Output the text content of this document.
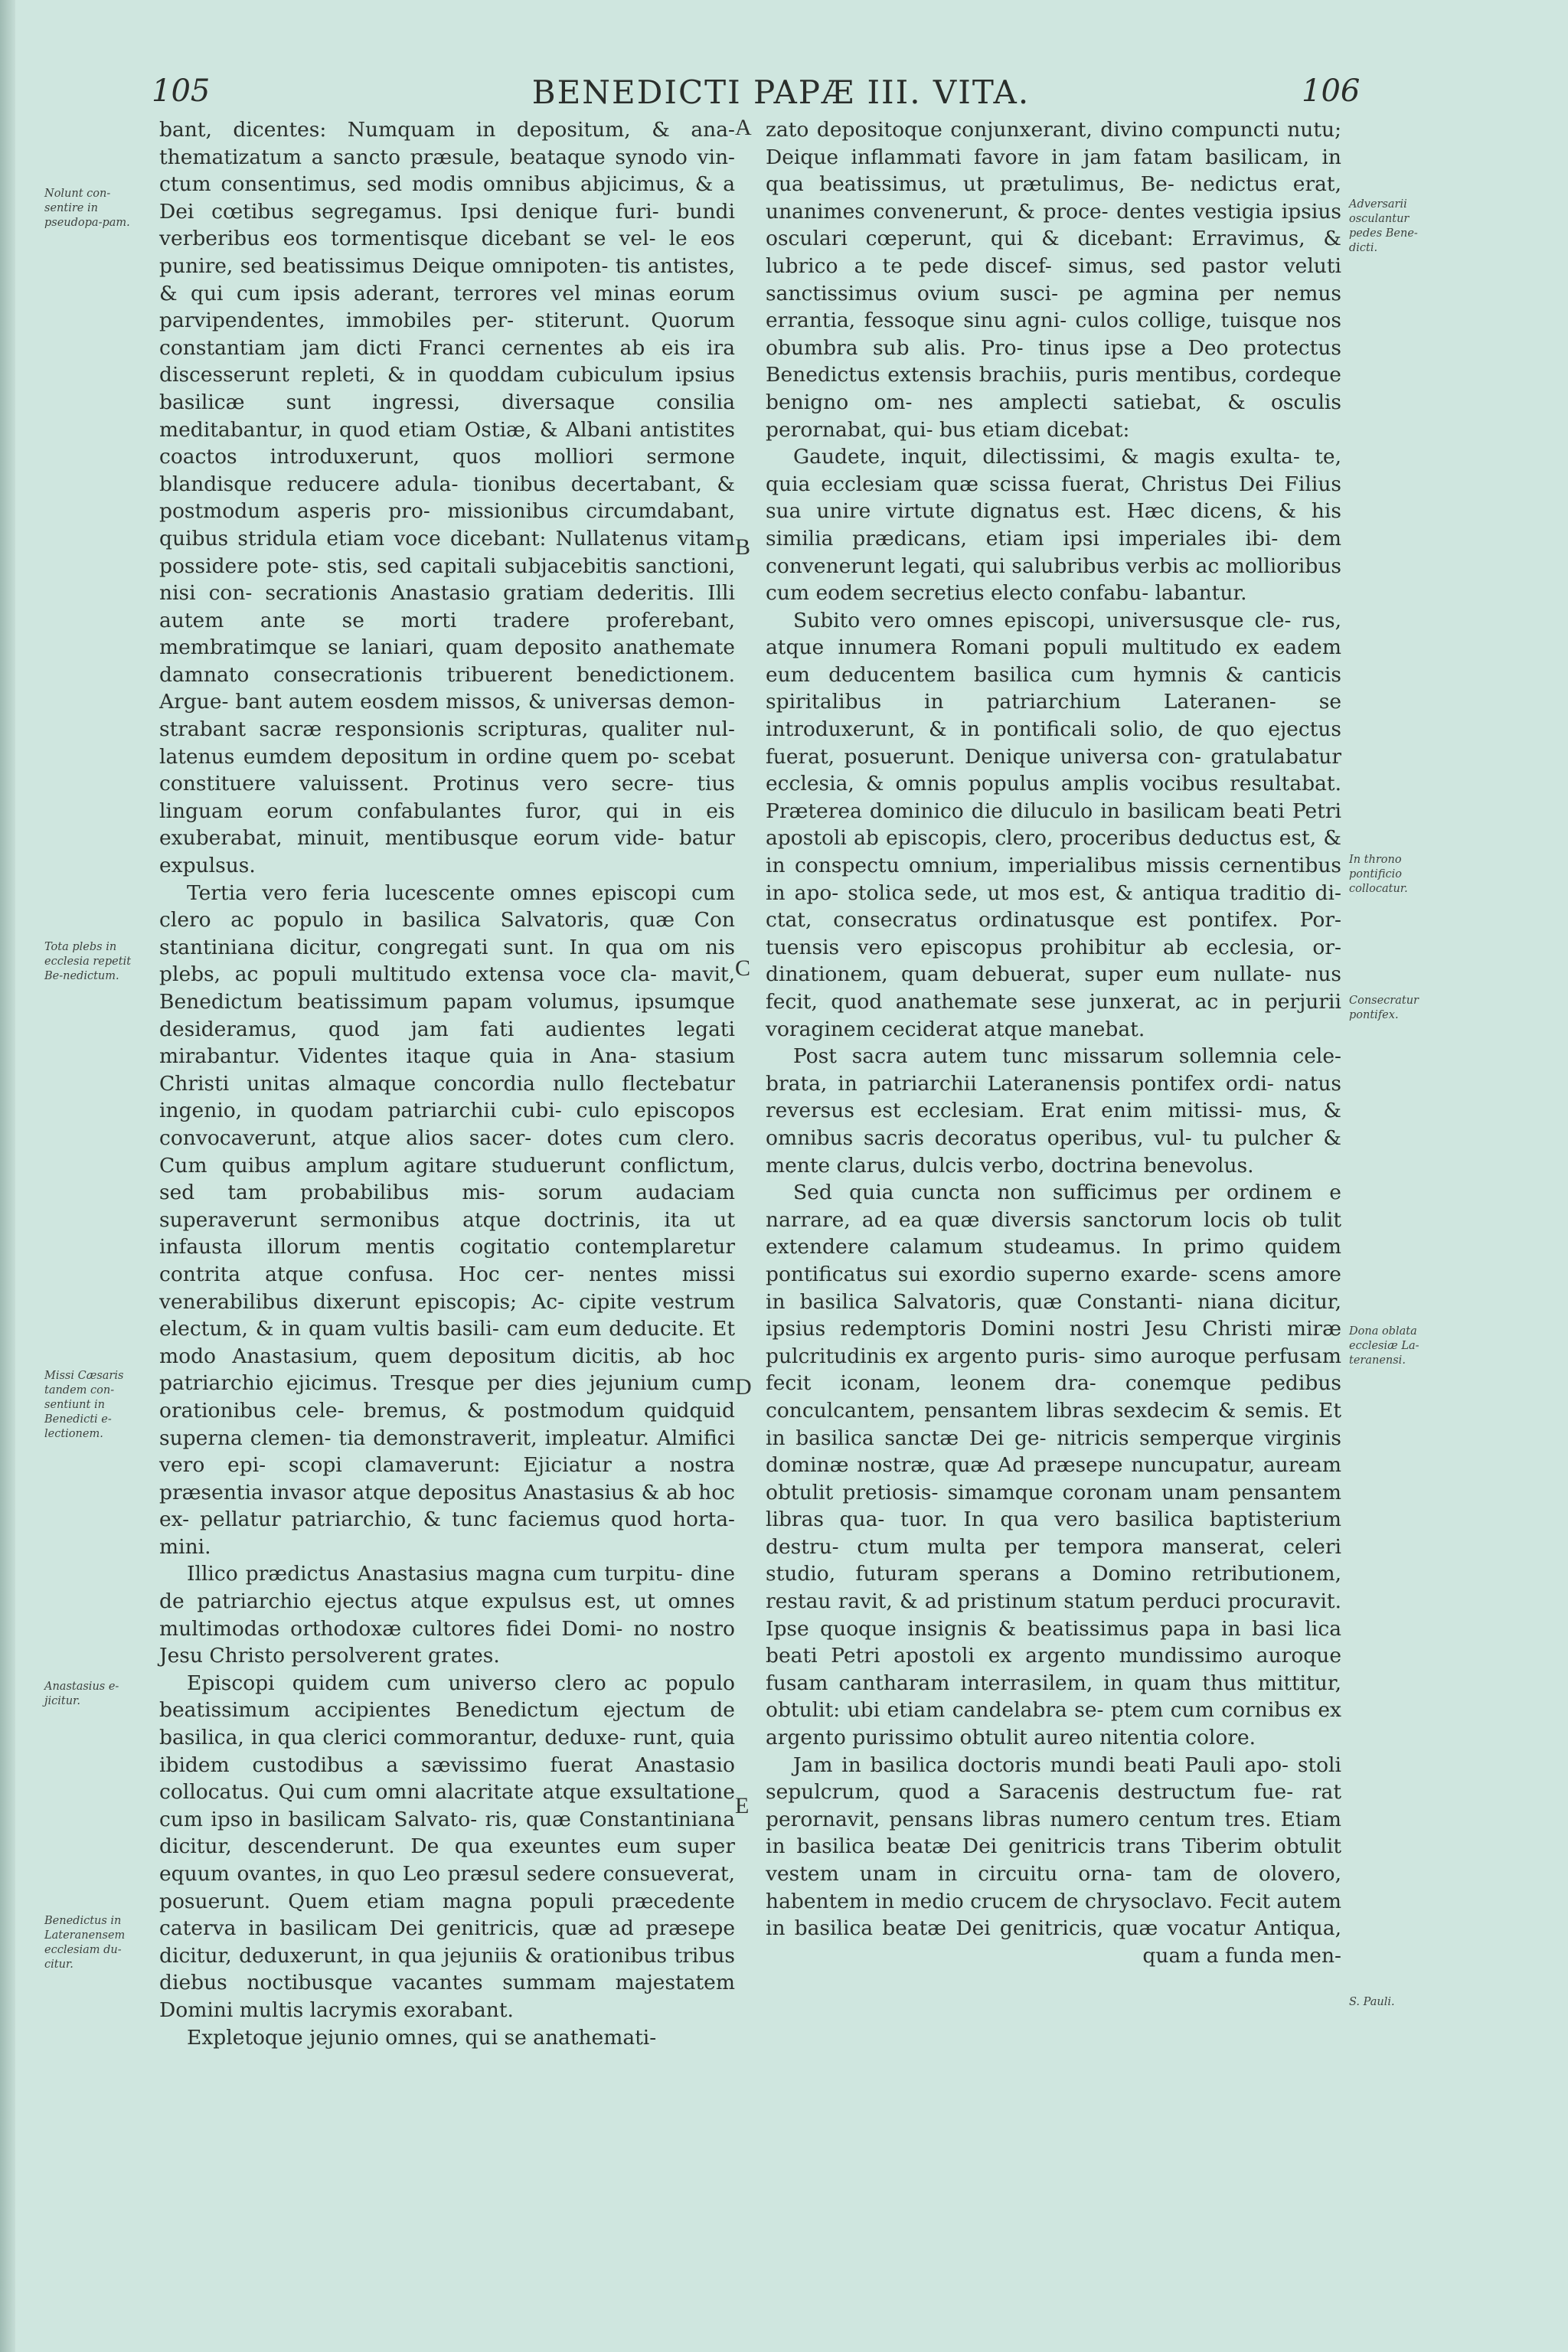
105	BENEDICTI PAPÆ III. VITA.	106

bant, dicentes: Numquam in depositum, & ana- thematizatum a sancto præsule, beataque synodo vin- ctum consentimus, sed modis omnibus abjicimus, & a Dei cœtibus segregamus. Ipsi denique furi- bundi verberibus eos tormentisque dicebant se vel- le eos punire, sed beatissimus Deique omnipoten- tis antistes, & qui cum ipsis aderant, terrores vel minas eorum parvipendentes, immobiles per- stiterunt. Quorum constantiam jam dicti Franci cernentes ab eis ira discesserunt repleti, & in quoddam cubiculum ipsius basilicæ sunt ingressi, diversaque consilia meditabantur, in quod etiam Ostiæ, & Albani antistites coactos introduxerunt, quos molliori sermone blandisque reducere adula- tionibus decertabant, & postmodum asperis pro- missionibus circumdabant, quibus stridula etiam voce dicebant: Nullatenus vitam possidere pote- stis, sed capitali subjacebitis sanctioni, nisi con- secrationis Anastasio gratiam dederitis. Illi autem ante se morti tradere proferebant, membratimque se laniari, quam deposito anathemate damnato consecrationis tribuerent benedictionem. Argue- bant autem eosdem missos, & universas demon- strabant sacræ responsionis scripturas, qualiter nul- latenus eumdem depositum in ordine quem po- scebat constituere valuissent. Protinus vero secre- tius linguam eorum confabulantes furor, qui in eis exuberabat, minuit, mentibusque eorum vide- batur expulsus.

Tertia vero feria lucescente omnes episcopi cum clero ac populo in basilica Salvatoris, quæ Con stantiniana dicitur, congregati sunt. In qua om nis plebs, ac populi multitudo extensa voce cla- mavit, Benedictum beatissimum papam volumus, ipsumque desideramus, quod jam fati audientes legati mirabantur. Videntes itaque quia in Ana- stasium Christi unitas almaque concordia nullo flectebatur ingenio, in quodam patriarchii cubi- culo episcopos convocaverunt, atque alios sacer- dotes cum clero. Cum quibus amplum agitare studuerunt conflictum, sed tam probabilibus mis- sorum audaciam superaverunt sermonibus atque doctrinis, ita ut infausta illorum mentis cogitatio contemplaretur contrita atque confusa. Hoc cer- nentes missi venerabilibus dixerunt episcopis; Ac- cipite vestrum electum, & in quam vultis basili- cam eum deducite. Et modo Anastasium, quem depositum dicitis, ab hoc patriarchio ejicimus. Tresque per dies jejunium cum orationibus cele- bremus, & postmodum quidquid superna clemen- tia demonstraverit, impleatur. Almifici vero epi- scopi clamaverunt: Ejiciatur a nostra præsentia invasor atque depositus Anastasius & ab hoc ex- pellatur patriarchio, & tunc faciemus quod horta- mini.

Illico prædictus Anastasius magna cum turpitu- dine de patriarchio ejectus atque expulsus est, ut omnes multimodas orthodoxæ cultores fidei Domi- no nostro Jesu Christo persolverent grates.

Episcopi quidem cum universo clero ac populo beatissimum accipientes Benedictum ejectum de basilica, in qua clerici commorantur, deduxe- runt, quia ibidem custodibus a sævissimo fuerat Anastasio collocatus. Qui cum omni alacritate atque exsultatione cum ipso in basilicam Salvato- ris, quæ Constantiniana dicitur, descenderunt. De qua exeuntes eum super equum ovantes, in quo Leo præsul sedere consueverat, posuerunt. Quem etiam magna populi præcedente caterva in basilicam Dei genitricis, quæ ad præsepe dicitur, deduxerunt, in qua jejuniis & orationibus tribus diebus noctibusque vacantes summam majestatem Domini multis lacrymis exorabant.

Expletoque jejunio omnes, qui se anathemati-

zato depositoque conjunxerant, divino compuncti nutu; Deique inflammati favore in jam fatam basilicam, in qua beatissimus, ut prætulimus, Be- nedictus erat, unanimes convenerunt, & proce- dentes vestigia ipsius osculari cœperunt, qui & dicebant: Erravimus, & lubrico a te pede discef- simus, sed pastor veluti sanctissimus ovium susci- pe agmina per nemus errantia, fessoque sinu agni- culos collige, tuisque nos obumbra sub alis. Pro- tinus ipse a Deo protectus Benedictus extensis brachiis, puris mentibus, cordeque benigno om- nes amplecti satiebat, & osculis perornabat, qui- bus etiam dicebat:

Gaudete, inquit, dilectissimi, & magis exulta- te, quia ecclesiam quæ scissa fuerat, Christus Dei Filius sua unire virtute dignatus est. Hæc dicens, & his similia prædicans, etiam ipsi imperiales ibi- dem convenerunt legati, qui salubribus verbis ac mollioribus cum eodem secretius electo confabu- labantur.

Subito vero omnes episcopi, universusque cle- rus, atque innumera Romani populi multitudo ex eadem eum deducentem basilica cum hymnis & canticis spiritalibus in patriarchium Lateranen- se introduxerunt, & in pontificali solio, de quo ejectus fuerat, posuerunt. Denique universa con- gratulabatur ecclesia, & omnis populus amplis vocibus resultabat. Præterea dominico die diluculo in basilicam beati Petri apostoli ab episcopis, clero, proceribus deductus est, & in conspectu omnium, imperialibus missis cernentibus in apo- stolica sede, ut mos est, & antiqua traditio di- ctat, consecratus ordinatusque est pontifex. Por- tuensis vero episcopus prohibitur ab ecclesia, or- dinationem, quam debuerat, super eum nullate- nus fecit, quod anathemate sese junxerat, ac in perjurii voraginem ceciderat atque manebat.

Post sacra autem tunc missarum sollemnia cele- brata, in patriarchii Lateranensis pontifex ordi- natus reversus est ecclesiam. Erat enim mitissi- mus, & omnibus sacris decoratus operibus, vul- tu pulcher & mente clarus, dulcis verbo, doctrina benevolus.

Sed quia cuncta non sufficimus per ordinem e narrare, ad ea quæ diversis sanctorum locis ob tulit extendere calamum studeamus. In primo quidem pontificatus sui exordio superno exarde- scens amore in basilica Salvatoris, quæ Constanti- niana dicitur, ipsius redemptoris Domini nostri Jesu Christi miræ pulcritudinis ex argento puris- simo auroque perfusam fecit iconam, leonem dra- conemque pedibus conculcantem, pensantem libras sexdecim & semis. Et in basilica sanctæ Dei ge- nitricis semperque virginis dominæ nostræ, quæ Ad præsepe nuncupatur, auream obtulit pretiosis- simamque coronam unam pensantem libras qua- tuor. In qua vero basilica baptisterium destru- ctum multa per tempora manserat, celeri studio, futuram sperans a Domino retributionem, restau ravit, & ad pristinum statum perduci procuravit. Ipse quoque insignis & beatissimus papa in basi lica beati Petri apostoli ex argento mundissimo auroque fusam cantharam interrasilem, in quam thus mittitur, obtulit: ubi etiam candelabra se- ptem cum cornibus ex argento purissimo obtulit aureo nitentia colore.

Jam in basilica doctoris mundi beati Pauli apo- stoli sepulcrum, quod a Saracenis destructum fue- rat perornavit, pensans libras numero centum tres. Etiam in basilica beatæ Dei genitricis trans Tiberim obtulit vestem unam in circuitu orna- tam de olovero, habentem in medio crucem de chrysoclavo. Fecit autem in basilica beatæ Dei genitricis, quæ vocatur Antiqua, quam a funda men-

A
B
C
D
E
Nolunt con-sentire in pseudopa-pam.
Tota plebs in ecclesia repetit Be-nedictum.
Missi Cæsaris tandem con-sentiunt in Benedicti e-lectionem.
Anastasius e-jicitur.
Benedictus in Lateranensem ecclesiam du-citur.
Adversarii osculantur pedes Bene-dicti.
In throno pontificio collocatur.
Consecratur pontifex.
Dona oblata ecclesiæ La-teranensi.
S. Pauli.
